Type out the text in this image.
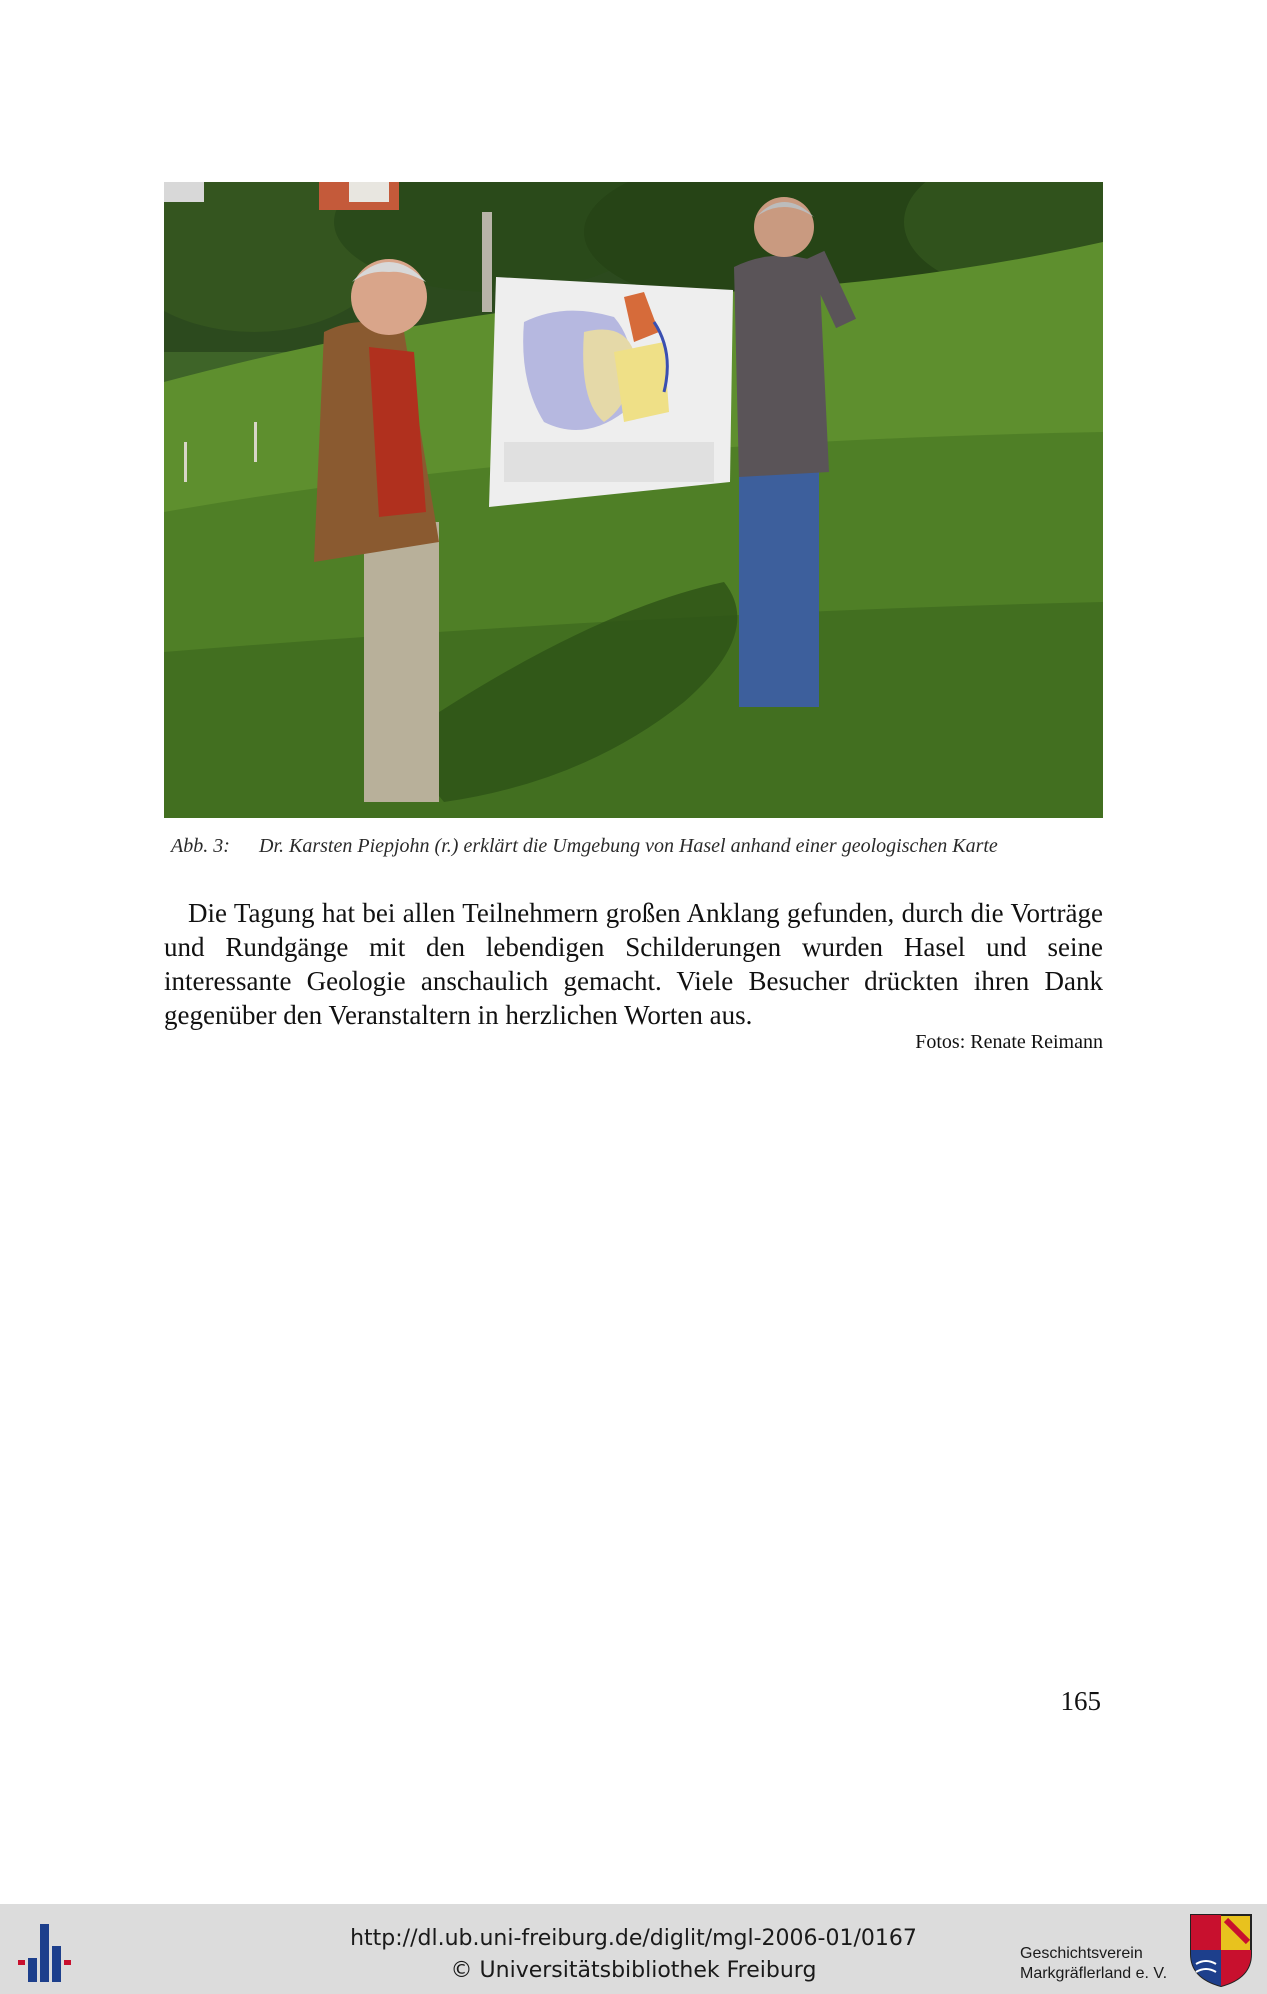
Abb. 3: Dr. Karsten Piepjohn (r.) erklärt die Umgebung von Hasel anhand einer geologischen Karte

Die Tagung hat bei allen Teilnehmern großen Anklang gefunden, durch die Vorträge und Rundgänge mit den lebendigen Schilderungen wurden Hasel und seine interessante Geologie anschaulich gemacht. Viele Besucher drückten ihren Dank gegenüber den Veranstaltern in herzlichen Worten aus.

Fotos: Renate Reimann
165
http://dl.ub.uni-freiburg.de/diglit/mgl-2006-01/0167
© Universitätsbibliothek Freiburg
Geschichtsverein
Markgräflerland e. V.
